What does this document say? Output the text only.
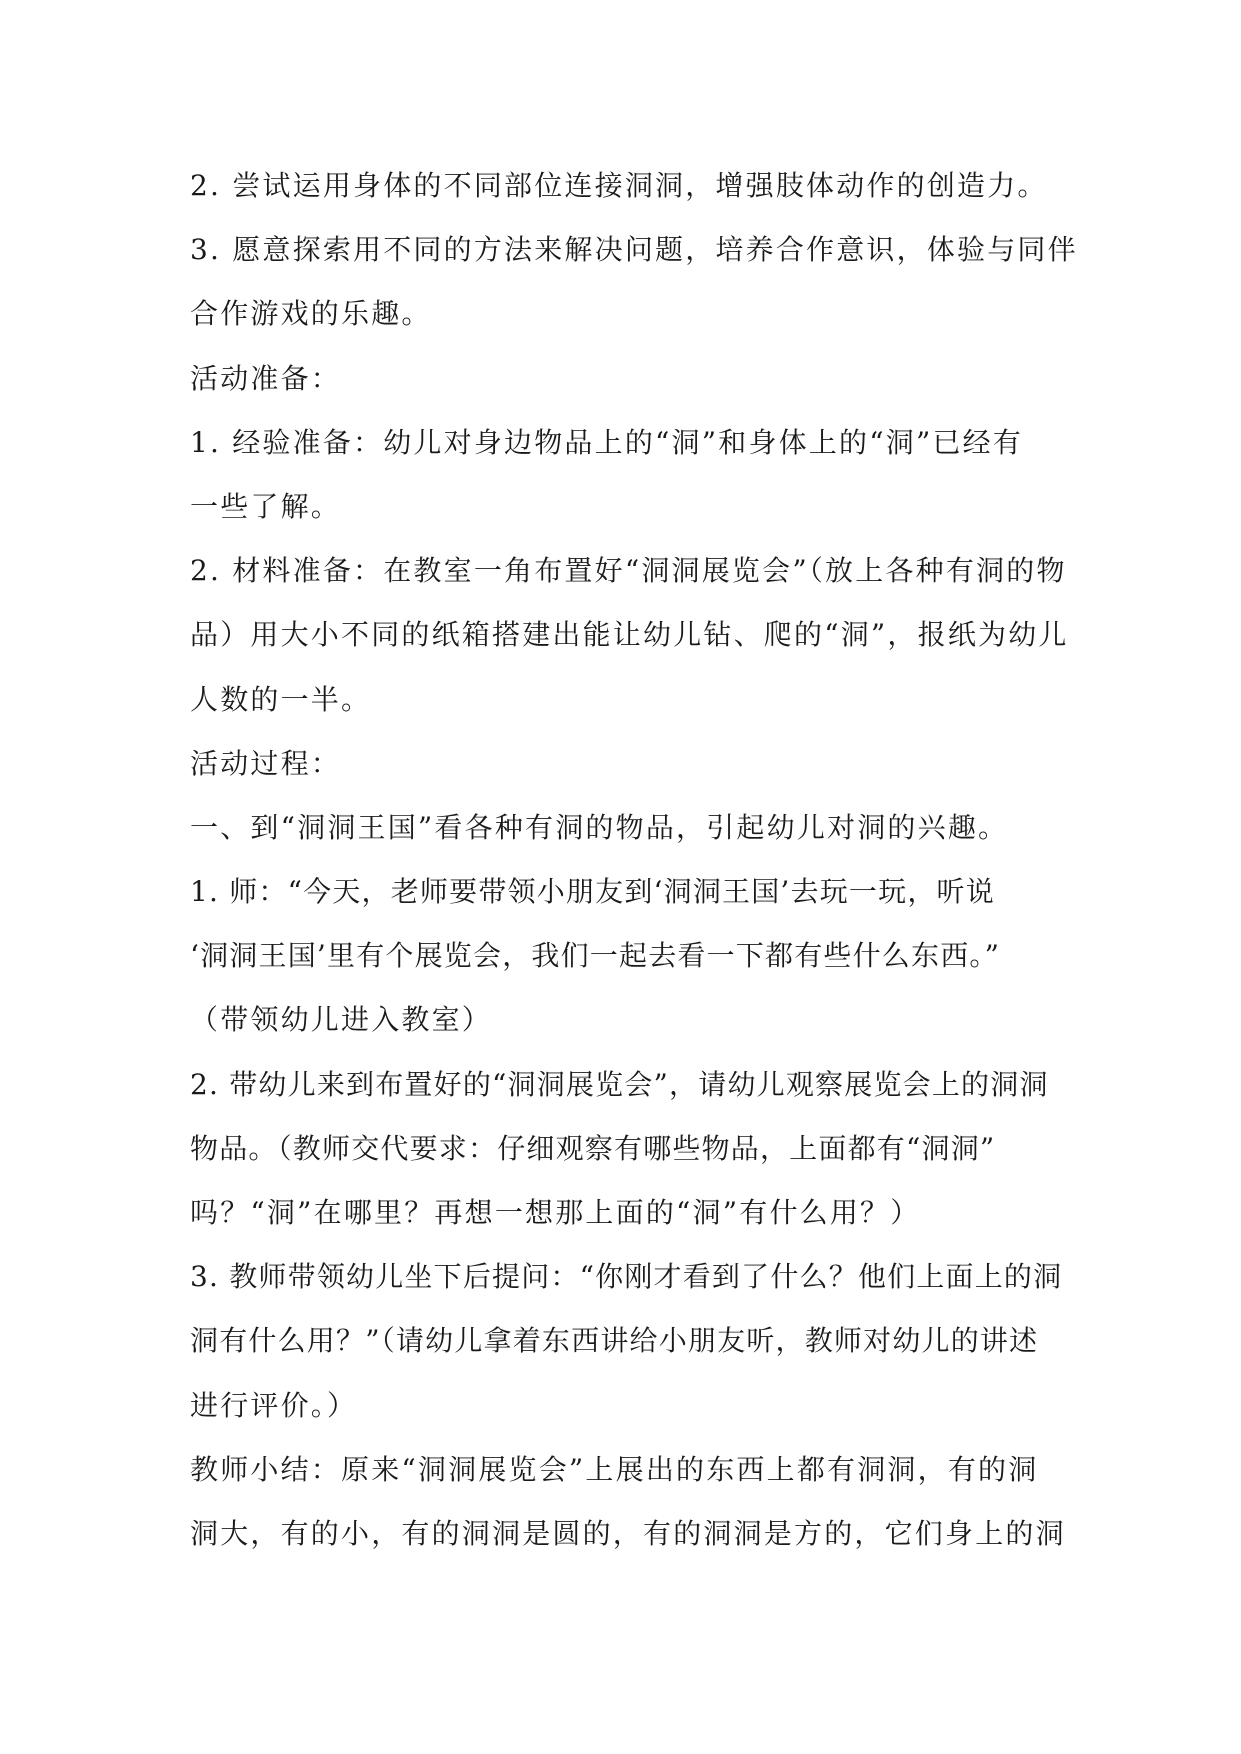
2. 尝试运用身体的不同部位连接洞洞，增强肢体动作的创造力。
3. 愿意探索用不同的方法来解决问题，培养合作意识，体验与同伴
合作游戏的乐趣。
活动准备：
1. 经验准备：幼儿对身边物品上的“洞”和身体上的“洞”已经有
一些了解。
2. 材料准备：在教室一角布置好“洞洞展览会”（放上各种有洞的物
品）用大小不同的纸箱搭建出能让幼儿钻、爬的“洞”，报纸为幼儿
人数的一半。
活动过程：
一、到“洞洞王国”看各种有洞的物品，引起幼儿对洞的兴趣。
1. 师：“今天，老师要带领小朋友到‘洞洞王国’去玩一玩，听说
‘洞洞王国’里有个展览会，我们一起去看一下都有些什么东西。”
（带领幼儿进入教室）
2. 带幼儿来到布置好的“洞洞展览会”，请幼儿观察展览会上的洞洞
物品。（教师交代要求：仔细观察有哪些物品，上面都有“洞洞”
吗？“洞”在哪里？再想一想那上面的“洞”有什么用？）
3. 教师带领幼儿坐下后提问：“你刚才看到了什么？他们上面上的洞
洞有什么用？”（请幼儿拿着东西讲给小朋友听，教师对幼儿的讲述
进行评价。）
教师小结：原来“洞洞展览会”上展出的东西上都有洞洞，有的洞
洞大，有的小，有的洞洞是圆的，有的洞洞是方的，它们身上的洞
